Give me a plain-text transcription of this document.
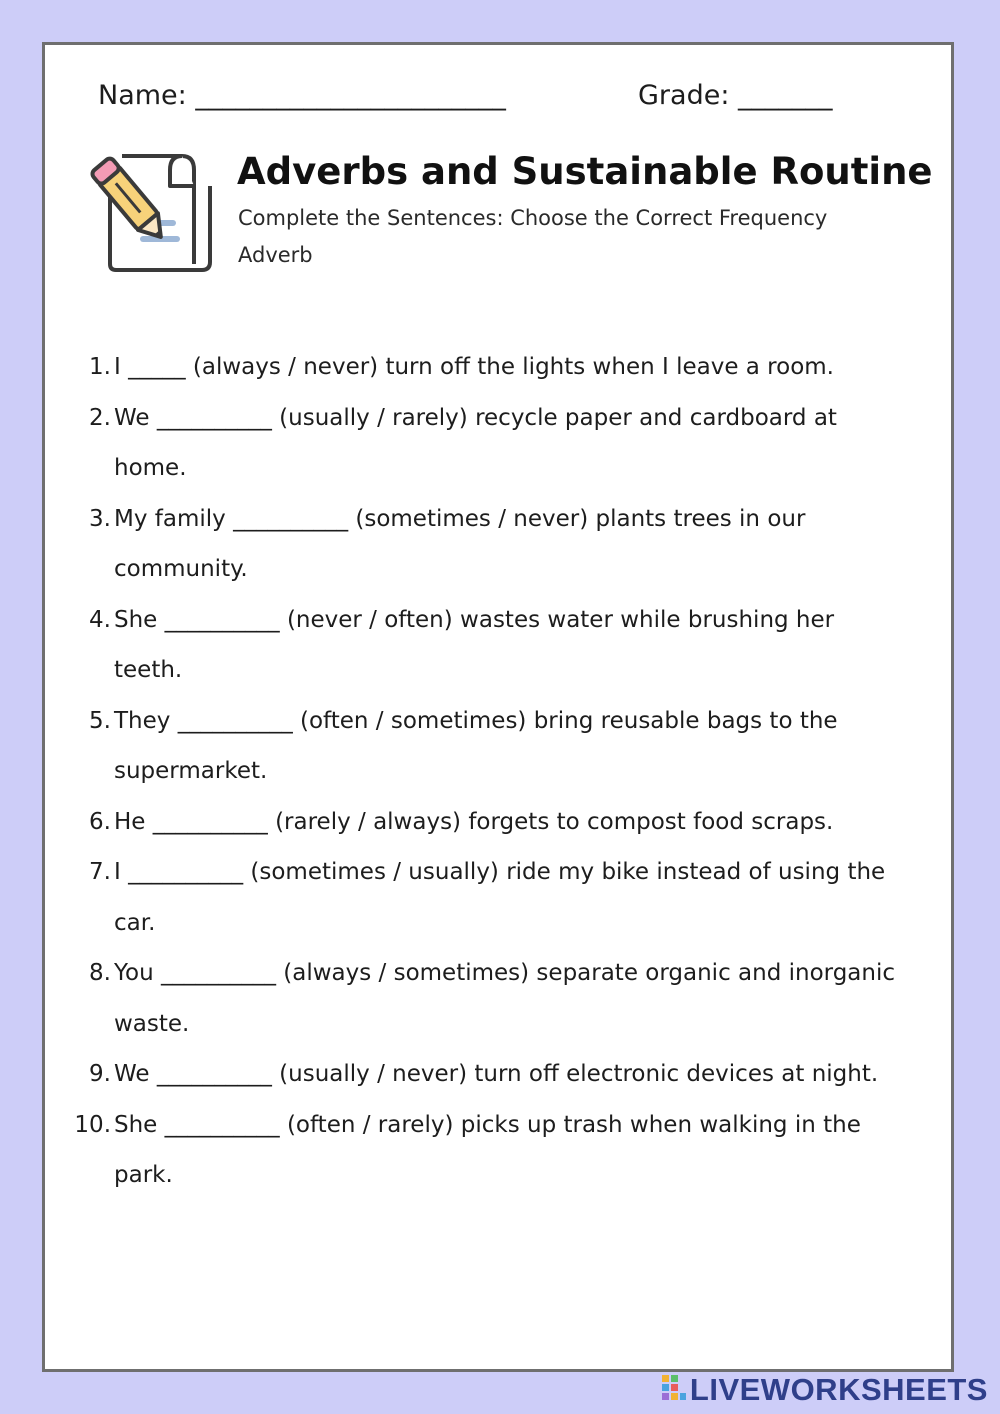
Name: _______________________	Grade: _______
Adverbs and Sustainable Routine
Complete the Sentences: Choose the Correct Frequency Adverb
1. I _____ (always / never) turn off the lights when I leave a room.
2. We __________ (usually / rarely) recycle paper and cardboard at home.
3. My family __________ (sometimes / never) plants trees in our community.
4. She __________ (never / often) wastes water while brushing her teeth.
5. They __________ (often / sometimes) bring reusable bags to the supermarket.
6. He __________ (rarely / always) forgets to compost food scraps.
7. I __________ (sometimes / usually) ride my bike instead of using the car.
8. You __________ (always / sometimes) separate organic and inorganic waste.
9. We __________ (usually / never) turn off electronic devices at night.
10. She __________ (often / rarely) picks up trash when walking in the park.
LIVEWORKSHEETS
